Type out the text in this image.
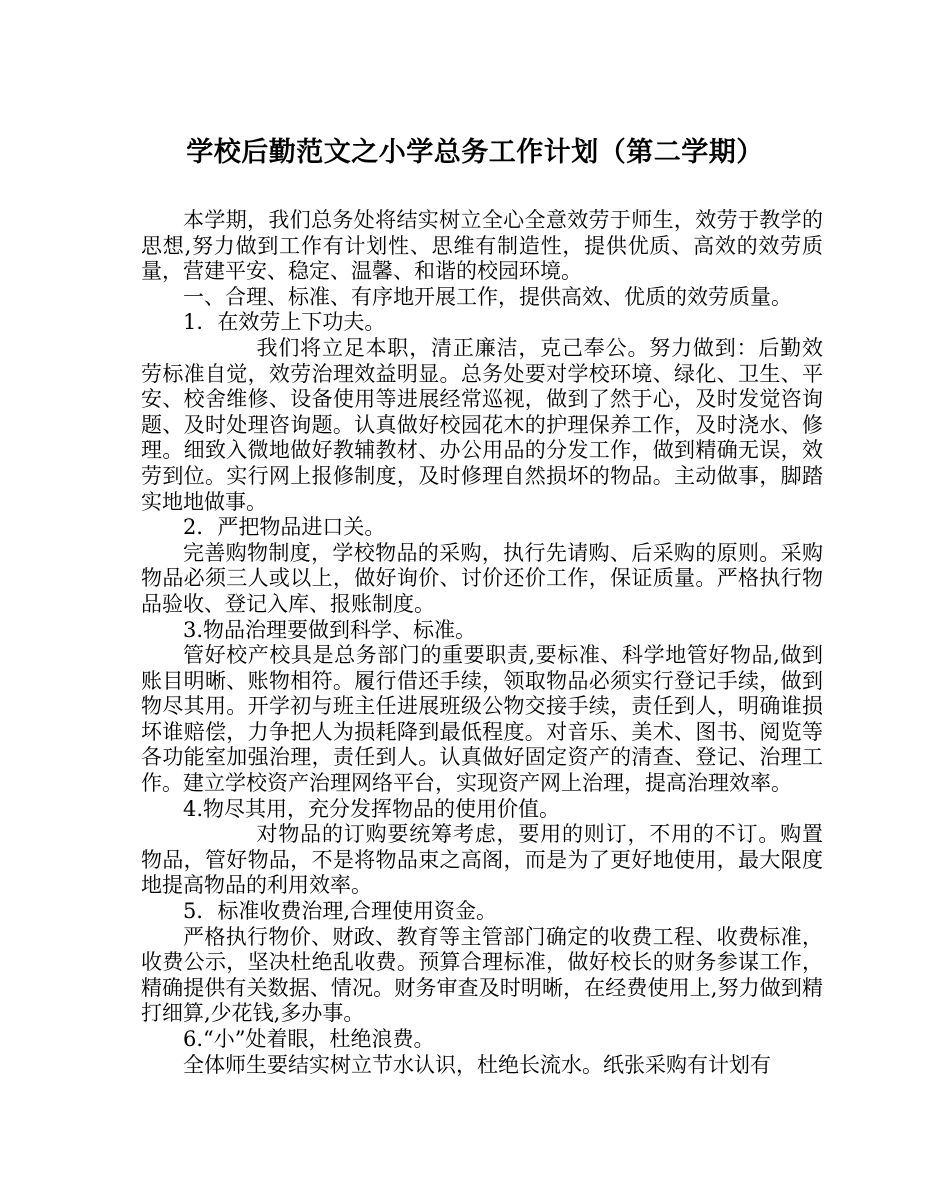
学校后勤范文之小学总务工作计划（第二学期）

本学期，我们总务处将结实树立全心全意效劳于师生，效劳于教学的思想,努力做到工作有计划性、思维有制造性，提供优质、高效的效劳质量，营建平安、稳定、温馨、和谐的校园环境。

一、合理、标准、有序地开展工作，提供高效、优质的效劳质量。

1．在效劳上下功夫。

我们将立足本职，清正廉洁，克己奉公。努力做到：后勤效劳标准自觉，效劳治理效益明显。总务处要对学校环境、绿化、卫生、平安、校舍维修、设备使用等进展经常巡视，做到了然于心，及时发觉咨询题、及时处理咨询题。认真做好校园花木的护理保养工作，及时浇水、修理。细致入微地做好教辅教材、办公用品的分发工作，做到精确无误，效劳到位。实行网上报修制度，及时修理自然损坏的物品。主动做事，脚踏实地地做事。

2．严把物品进口关。

完善购物制度，学校物品的采购，执行先请购、后采购的原则。采购物品必须三人或以上，做好询价、讨价还价工作，保证质量。严格执行物品验收、登记入库、报账制度。

3.物品治理要做到科学、标准。

管好校产校具是总务部门的重要职责,要标准、科学地管好物品,做到账目明晰、账物相符。履行借还手续，领取物品必须实行登记手续，做到物尽其用。开学初与班主任进展班级公物交接手续，责任到人，明确谁损坏谁赔偿，力争把人为损耗降到最低程度。对音乐、美术、图书、阅览等各功能室加强治理，责任到人。认真做好固定资产的清查、登记、治理工作。建立学校资产治理网络平台，实现资产网上治理，提高治理效率。

4.物尽其用，充分发挥物品的使用价值。

对物品的订购要统筹考虑，要用的则订，不用的不订。购置物品，管好物品，不是将物品束之高阁，而是为了更好地使用，最大限度地提高物品的利用效率。

5．标准收费治理,合理使用资金。

严格执行物价、财政、教育等主管部门确定的收费工程、收费标准，收费公示，坚决杜绝乱收费。预算合理标准，做好校长的财务参谋工作，精确提供有关数据、情况。财务审查及时明晰，在经费使用上,努力做到精打细算,少花钱,多办事。

6.“小”处着眼，杜绝浪费。

全体师生要结实树立节水认识，杜绝长流水。纸张采购有计划有
